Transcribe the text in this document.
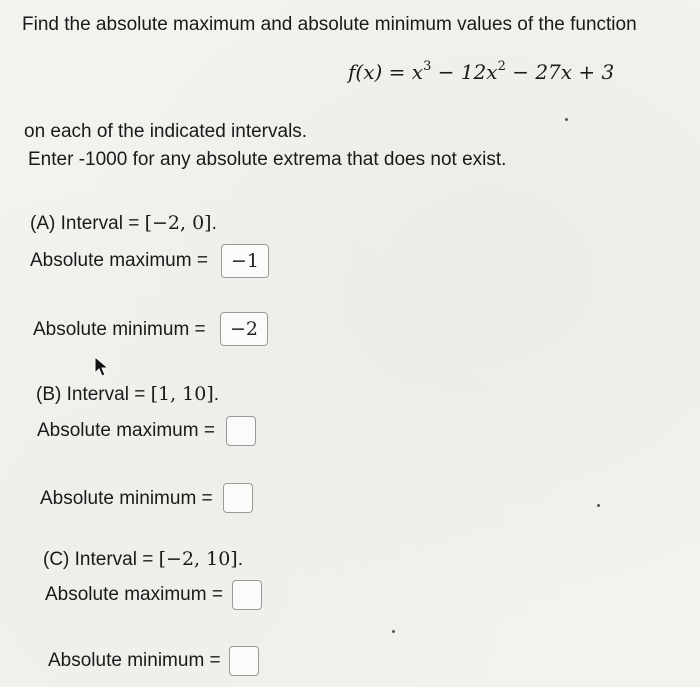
Find the absolute maximum and absolute minimum values of the function
$f(x) = x^3 - 12x^2 - 27x + 3$
on each of the indicated intervals.
Enter -1000 for any absolute extrema that does not exist.
(A) Interval = [−2, 0].
Absolute maximum =	−1
Absolute minimum =	−2
(B) Interval = [1, 10].
Absolute maximum =
Absolute minimum =
(C) Interval = [−2, 10].
Absolute maximum =
Absolute minimum =
